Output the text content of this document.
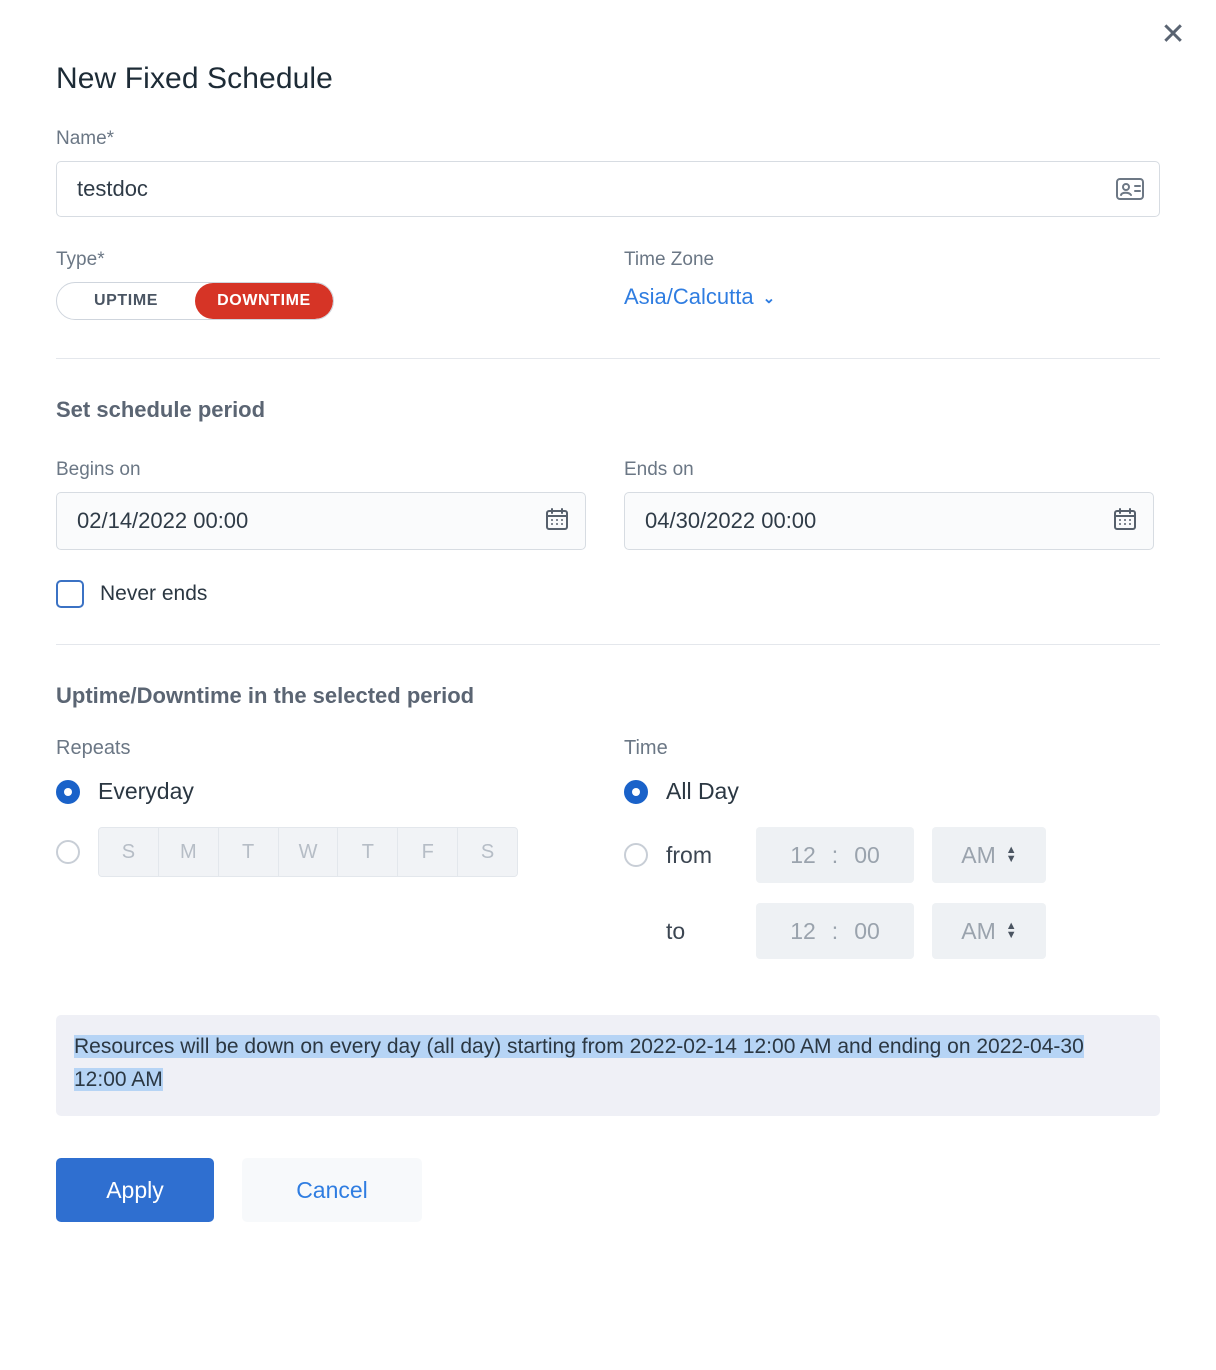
✕
New Fixed Schedule
Name*
testdoc
Type*
UPTIME	DOWNTIME
Time Zone
Asia/Calcutta ⌄
Set schedule period
Begins on
02/14/2022 00:00
Ends on
04/30/2022 00:00
Never ends
Uptime/Downtime in the selected period
Repeats
Everyday
S	M	T	W	T	F	S
Time
All Day
from	12 : 00	AM ▲
▼
to	12 : 00	AM ▲
▼
Resources will be down on every day (all day) starting from 2022-02-14 12:00 AM and ending on 2022-04-30 12:00 AM
Apply	Cancel
